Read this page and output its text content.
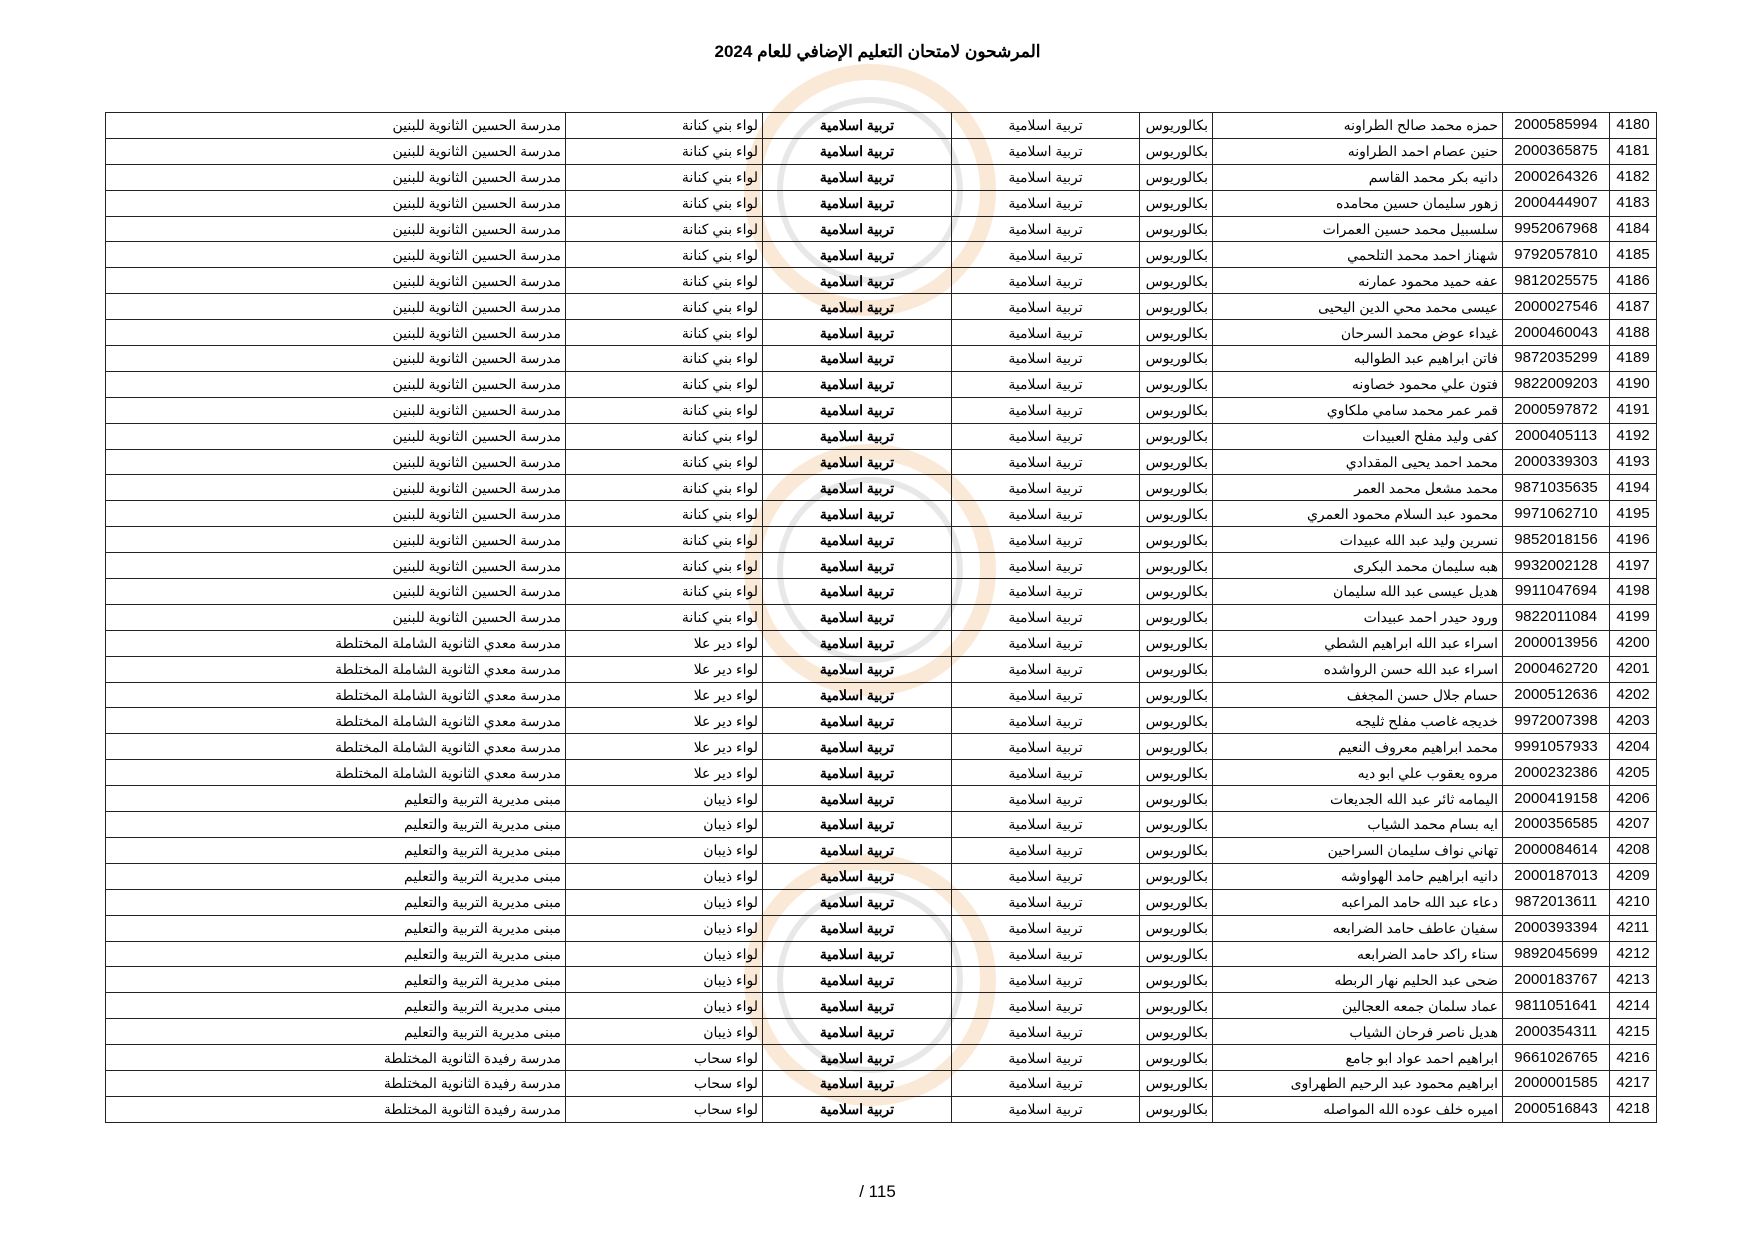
المرشحون لامتحان التعليم الإضافي للعام 2024
4180	2000585994	حمزه محمد صالح الطراونه	بكالوريوس	تربية اسلامية	تربية اسلامية	لواء بني كنانة	مدرسة الحسين الثانوية للبنين
4181	2000365875	حنين عصام احمد الطراونه	بكالوريوس	تربية اسلامية	تربية اسلامية	لواء بني كنانة	مدرسة الحسين الثانوية للبنين
4182	2000264326	دانيه بكر محمد القاسم	بكالوريوس	تربية اسلامية	تربية اسلامية	لواء بني كنانة	مدرسة الحسين الثانوية للبنين
4183	2000444907	زهور سليمان حسين محامده	بكالوريوس	تربية اسلامية	تربية اسلامية	لواء بني كنانة	مدرسة الحسين الثانوية للبنين
4184	9952067968	سلسبيل محمد حسين العمرات	بكالوريوس	تربية اسلامية	تربية اسلامية	لواء بني كنانة	مدرسة الحسين الثانوية للبنين
4185	9792057810	شهناز احمد محمد التلحمي	بكالوريوس	تربية اسلامية	تربية اسلامية	لواء بني كنانة	مدرسة الحسين الثانوية للبنين
4186	9812025575	عفه حميد محمود عمارنه	بكالوريوس	تربية اسلامية	تربية اسلامية	لواء بني كنانة	مدرسة الحسين الثانوية للبنين
4187	2000027546	عيسى محمد محي الدين اليحيى	بكالوريوس	تربية اسلامية	تربية اسلامية	لواء بني كنانة	مدرسة الحسين الثانوية للبنين
4188	2000460043	غيداء عوض محمد السرحان	بكالوريوس	تربية اسلامية	تربية اسلامية	لواء بني كنانة	مدرسة الحسين الثانوية للبنين
4189	9872035299	فاتن ابراهيم عبد الطوالبه	بكالوريوس	تربية اسلامية	تربية اسلامية	لواء بني كنانة	مدرسة الحسين الثانوية للبنين
4190	9822009203	فتون علي محمود خصاونه	بكالوريوس	تربية اسلامية	تربية اسلامية	لواء بني كنانة	مدرسة الحسين الثانوية للبنين
4191	2000597872	قمر عمر محمد سامي ملكاوي	بكالوريوس	تربية اسلامية	تربية اسلامية	لواء بني كنانة	مدرسة الحسين الثانوية للبنين
4192	2000405113	كفى وليد مفلح العبيدات	بكالوريوس	تربية اسلامية	تربية اسلامية	لواء بني كنانة	مدرسة الحسين الثانوية للبنين
4193	2000339303	محمد احمد يحيى المقدادي	بكالوريوس	تربية اسلامية	تربية اسلامية	لواء بني كنانة	مدرسة الحسين الثانوية للبنين
4194	9871035635	محمد مشعل محمد العمر	بكالوريوس	تربية اسلامية	تربية اسلامية	لواء بني كنانة	مدرسة الحسين الثانوية للبنين
4195	9971062710	محمود عبد السلام محمود العمري	بكالوريوس	تربية اسلامية	تربية اسلامية	لواء بني كنانة	مدرسة الحسين الثانوية للبنين
4196	9852018156	نسرين وليد عبد الله عبيدات	بكالوريوس	تربية اسلامية	تربية اسلامية	لواء بني كنانة	مدرسة الحسين الثانوية للبنين
4197	9932002128	هبه سليمان محمد البكرى	بكالوريوس	تربية اسلامية	تربية اسلامية	لواء بني كنانة	مدرسة الحسين الثانوية للبنين
4198	9911047694	هديل عيسى عبد الله سليمان	بكالوريوس	تربية اسلامية	تربية اسلامية	لواء بني كنانة	مدرسة الحسين الثانوية للبنين
4199	9822011084	ورود حيدر احمد عبيدات	بكالوريوس	تربية اسلامية	تربية اسلامية	لواء بني كنانة	مدرسة الحسين الثانوية للبنين
4200	2000013956	اسراء عبد الله ابراهيم الشطي	بكالوريوس	تربية اسلامية	تربية اسلامية	لواء دير علا	مدرسة معدي الثانوية الشاملة المختلطة
4201	2000462720	اسراء عبد الله حسن الرواشده	بكالوريوس	تربية اسلامية	تربية اسلامية	لواء دير علا	مدرسة معدي الثانوية الشاملة المختلطة
4202	2000512636	حسام جلال حسن المجغف	بكالوريوس	تربية اسلامية	تربية اسلامية	لواء دير علا	مدرسة معدي الثانوية الشاملة المختلطة
4203	9972007398	خديجه غاصب مفلح ثليجه	بكالوريوس	تربية اسلامية	تربية اسلامية	لواء دير علا	مدرسة معدي الثانوية الشاملة المختلطة
4204	9991057933	محمد ابراهيم معروف النعيم	بكالوريوس	تربية اسلامية	تربية اسلامية	لواء دير علا	مدرسة معدي الثانوية الشاملة المختلطة
4205	2000232386	مروه يعقوب علي ابو ديه	بكالوريوس	تربية اسلامية	تربية اسلامية	لواء دير علا	مدرسة معدي الثانوية الشاملة المختلطة
4206	2000419158	اليمامه ثائر عبد الله الجديعات	بكالوريوس	تربية اسلامية	تربية اسلامية	لواء ذيبان	مبنى مديرية التربية والتعليم
4207	2000356585	ايه بسام محمد الشياب	بكالوريوس	تربية اسلامية	تربية اسلامية	لواء ذيبان	مبنى مديرية التربية والتعليم
4208	2000084614	تهاني نواف سليمان السراحين	بكالوريوس	تربية اسلامية	تربية اسلامية	لواء ذيبان	مبنى مديرية التربية والتعليم
4209	2000187013	دانيه ابراهيم حامد الهواوشه	بكالوريوس	تربية اسلامية	تربية اسلامية	لواء ذيبان	مبنى مديرية التربية والتعليم
4210	9872013611	دعاء عبد الله حامد المراعبه	بكالوريوس	تربية اسلامية	تربية اسلامية	لواء ذيبان	مبنى مديرية التربية والتعليم
4211	2000393394	سفيان عاطف حامد الضرابعه	بكالوريوس	تربية اسلامية	تربية اسلامية	لواء ذيبان	مبنى مديرية التربية والتعليم
4212	9892045699	سناء راكد حامد الضرابعه	بكالوريوس	تربية اسلامية	تربية اسلامية	لواء ذيبان	مبنى مديرية التربية والتعليم
4213	2000183767	ضحى عبد الحليم نهار الربطه	بكالوريوس	تربية اسلامية	تربية اسلامية	لواء ذيبان	مبنى مديرية التربية والتعليم
4214	9811051641	عماد سلمان جمعه العجالين	بكالوريوس	تربية اسلامية	تربية اسلامية	لواء ذيبان	مبنى مديرية التربية والتعليم
4215	2000354311	هديل ناصر فرحان الشياب	بكالوريوس	تربية اسلامية	تربية اسلامية	لواء ذيبان	مبنى مديرية التربية والتعليم
4216	9661026765	ابراهيم احمد عواد ابو جامع	بكالوريوس	تربية اسلامية	تربية اسلامية	لواء سحاب	مدرسة رفيدة الثانوية المختلطة
4217	2000001585	ابراهيم محمود عبد الرحيم الطهراوى	بكالوريوس	تربية اسلامية	تربية اسلامية	لواء سحاب	مدرسة رفيدة الثانوية المختلطة
4218	2000516843	اميره خلف عوده الله المواصله	بكالوريوس	تربية اسلامية	تربية اسلامية	لواء سحاب	مدرسة رفيدة الثانوية المختلطة
/ 115
